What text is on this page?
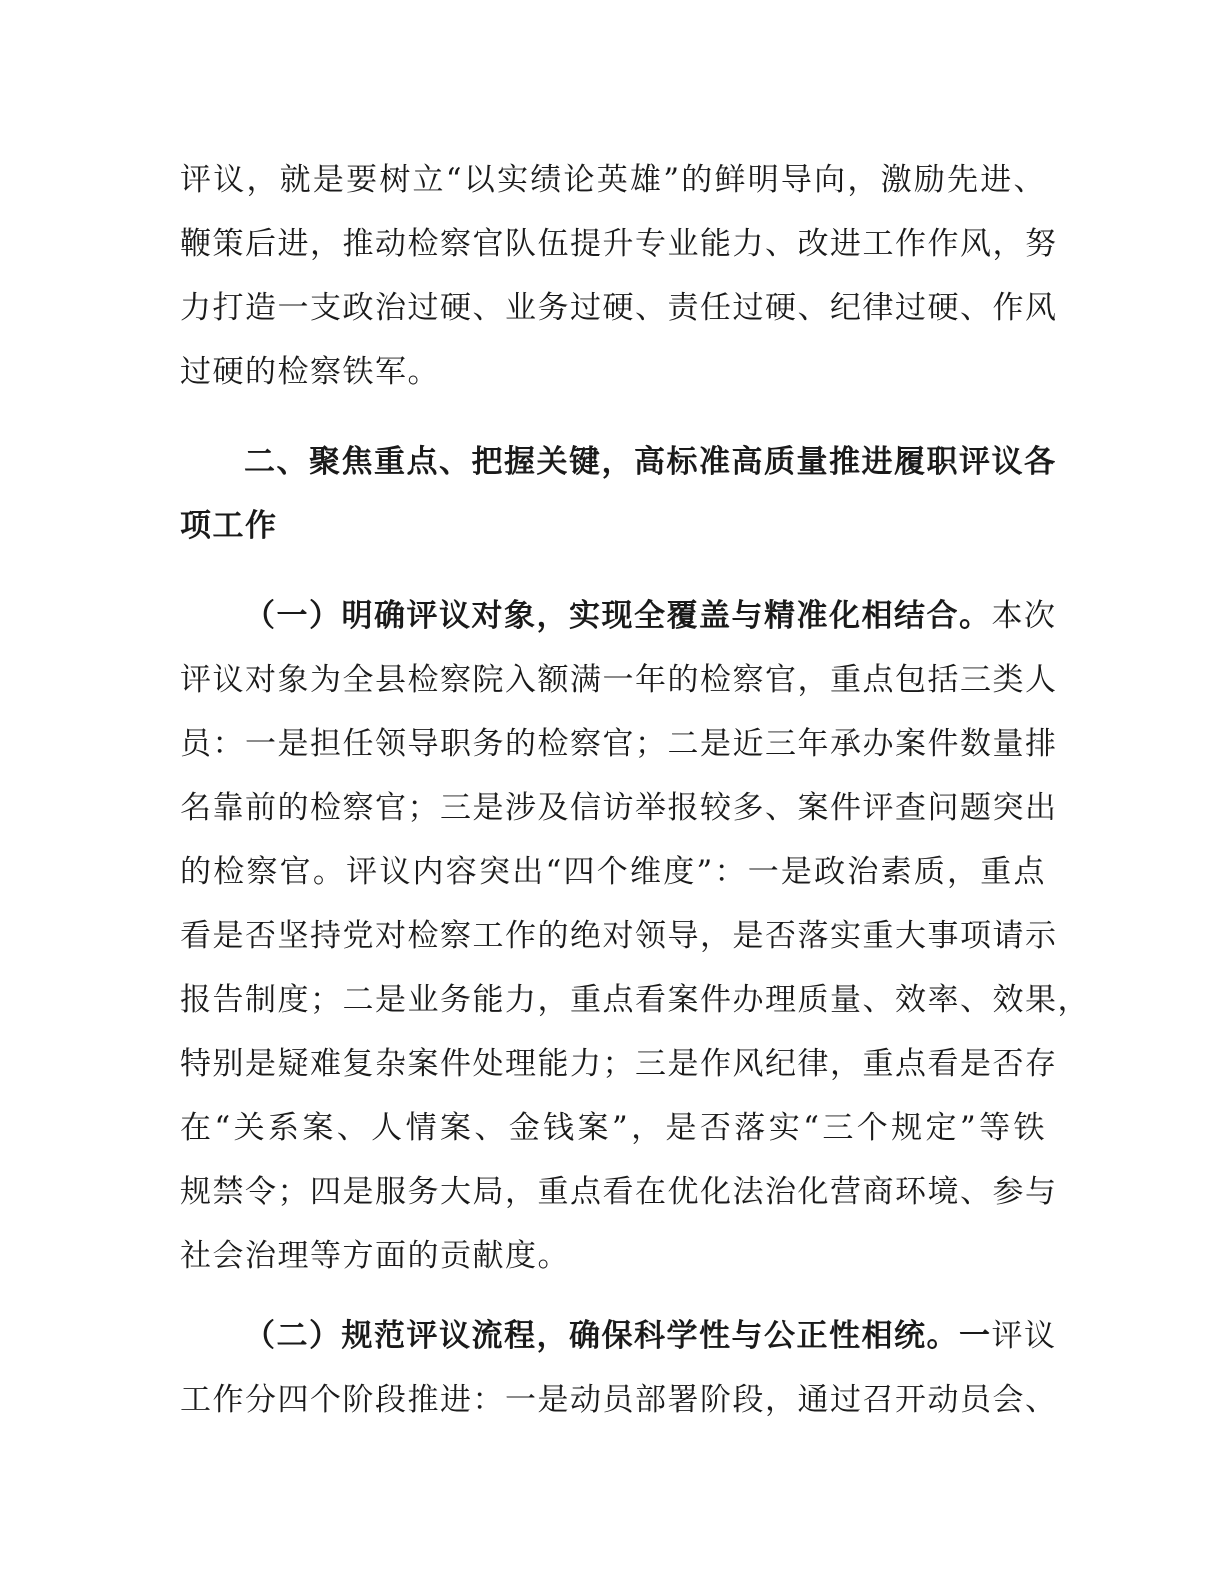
评议，就是要树立“以实绩论英雄”的鲜明导向，激励先进、
鞭策后进，推动检察官队伍提升专业能力、改进工作作风，努
力打造一支政治过硬、业务过硬、责任过硬、纪律过硬、作风
过硬的检察铁军。
二、聚焦重点、把握关键，高标准高质量推进履职评议各
项工作
（一）明确评议对象，实现全覆盖与精准化相结合。本次
评议对象为全县检察院入额满一年的检察官，重点包括三类人
员：一是担任领导职务的检察官；二是近三年承办案件数量排
名靠前的检察官；三是涉及信访举报较多、案件评查问题突出
的检察官。评议内容突出“四个维度”：一是政治素质，重点
看是否坚持党对检察工作的绝对领导，是否落实重大事项请示
报告制度；二是业务能力，重点看案件办理质量、效率、效果，
特别是疑难复杂案件处理能力；三是作风纪律，重点看是否存
在“关系案、人情案、金钱案”，是否落实“三个规定”等铁
规禁令；四是服务大局，重点看在优化法治化营商环境、参与
社会治理等方面的贡献度。
（二）规范评议流程，确保科学性与公正性相统。一评议
工作分四个阶段推进：一是动员部署阶段，通过召开动员会、
